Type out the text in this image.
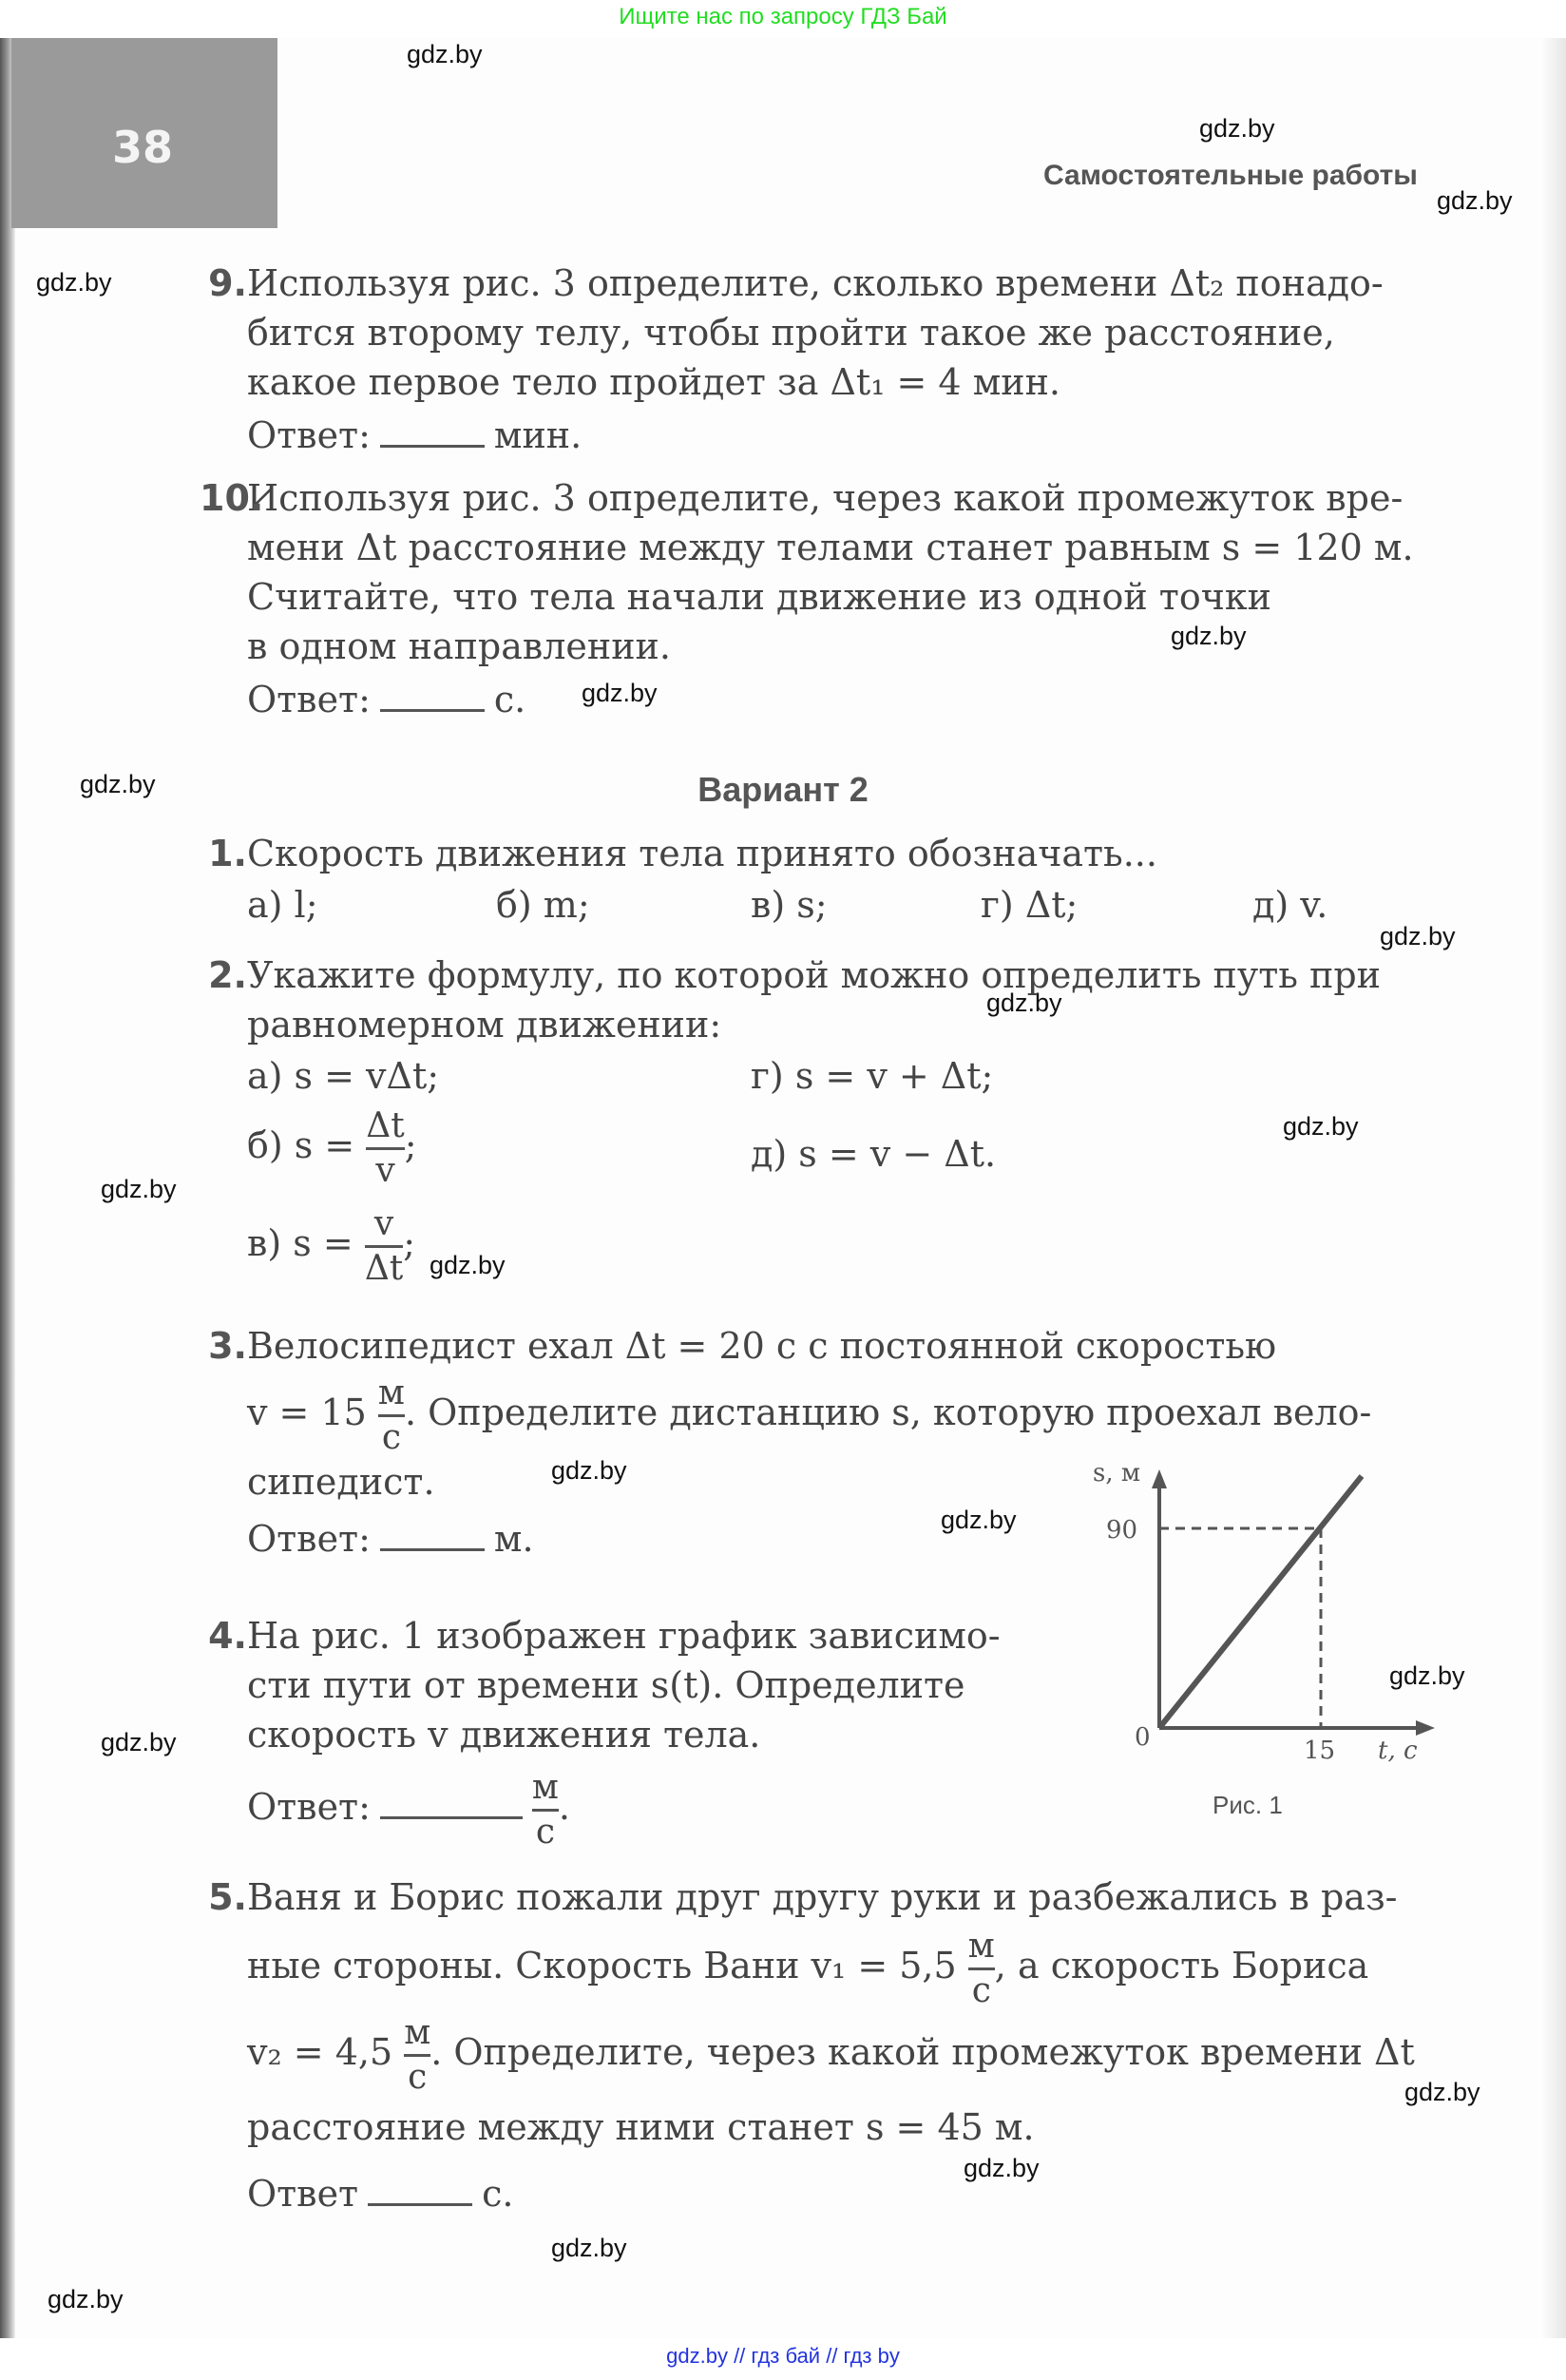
Ищите нас по запросу ГДЗ Бай
38
Самостоятельные работы
gdz.by
gdz.by
gdz.by
gdz.by
gdz.by
gdz.by
gdz.by
gdz.by
gdz.by
gdz.by
gdz.by
gdz.by
gdz.by
gdz.by
gdz.by
gdz.by
gdz.by
gdz.by
gdz.by
gdz.by
9. Используя рис. 3 определите, сколько времени Δt₂ понадо-
бится второму телу, чтобы пройти такое же расстояние,
какое первое тело пройдет за Δt₁ = 4 мин.
Ответ:	мин.
10.
Используя рис. 3 определите, через какой промежуток вре-
мени Δt расстояние между телами станет равным s = 120 м.
Считайте, что тела начали движение из одной точки
в одном направлении.
Ответ:	с.
Вариант 2
1. Скорость движения тела принято обозначать...
а) l;	б) m;	в) s;	г) Δt;	д) v.
2. Укажите формулу, по которой можно определить путь при
равномерном движении:
а) s = vΔt;	г) s = v + Δt;
б) $s = \frac{\Delta t}{v}$ ;	д) s = v − Δt.
в) $s = \frac{v}{\Delta t}$ ;
3. Велосипедист ехал Δt = 20 с с постоянной скоростью
$v = 15 \frac{м}{с}$ . Определите дистанцию s, которую проехал вело-
сипедист.
Ответ:	м.
s, м
90
0	15 t, с
Рис. 1
4. На рис. 1 изображен график зависимо-
сти пути от времени s(t). Определите
скорость v движения тела.
Ответ:	$\frac{м}{с}$ .
5. Ваня и Борис пожали друг другу руки и разбежались в раз-
ные стороны. Скорость Вани $v_1 = 5,5 \frac{м}{с}$ , а скорость Бориса
$v_2 = 4,5 \frac{м}{с}$ . Определите, через какой промежуток времени Δt
расстояние между ними станет s = 45 м.
Ответ	с.
gdz.by // гдз бай // гдз by
